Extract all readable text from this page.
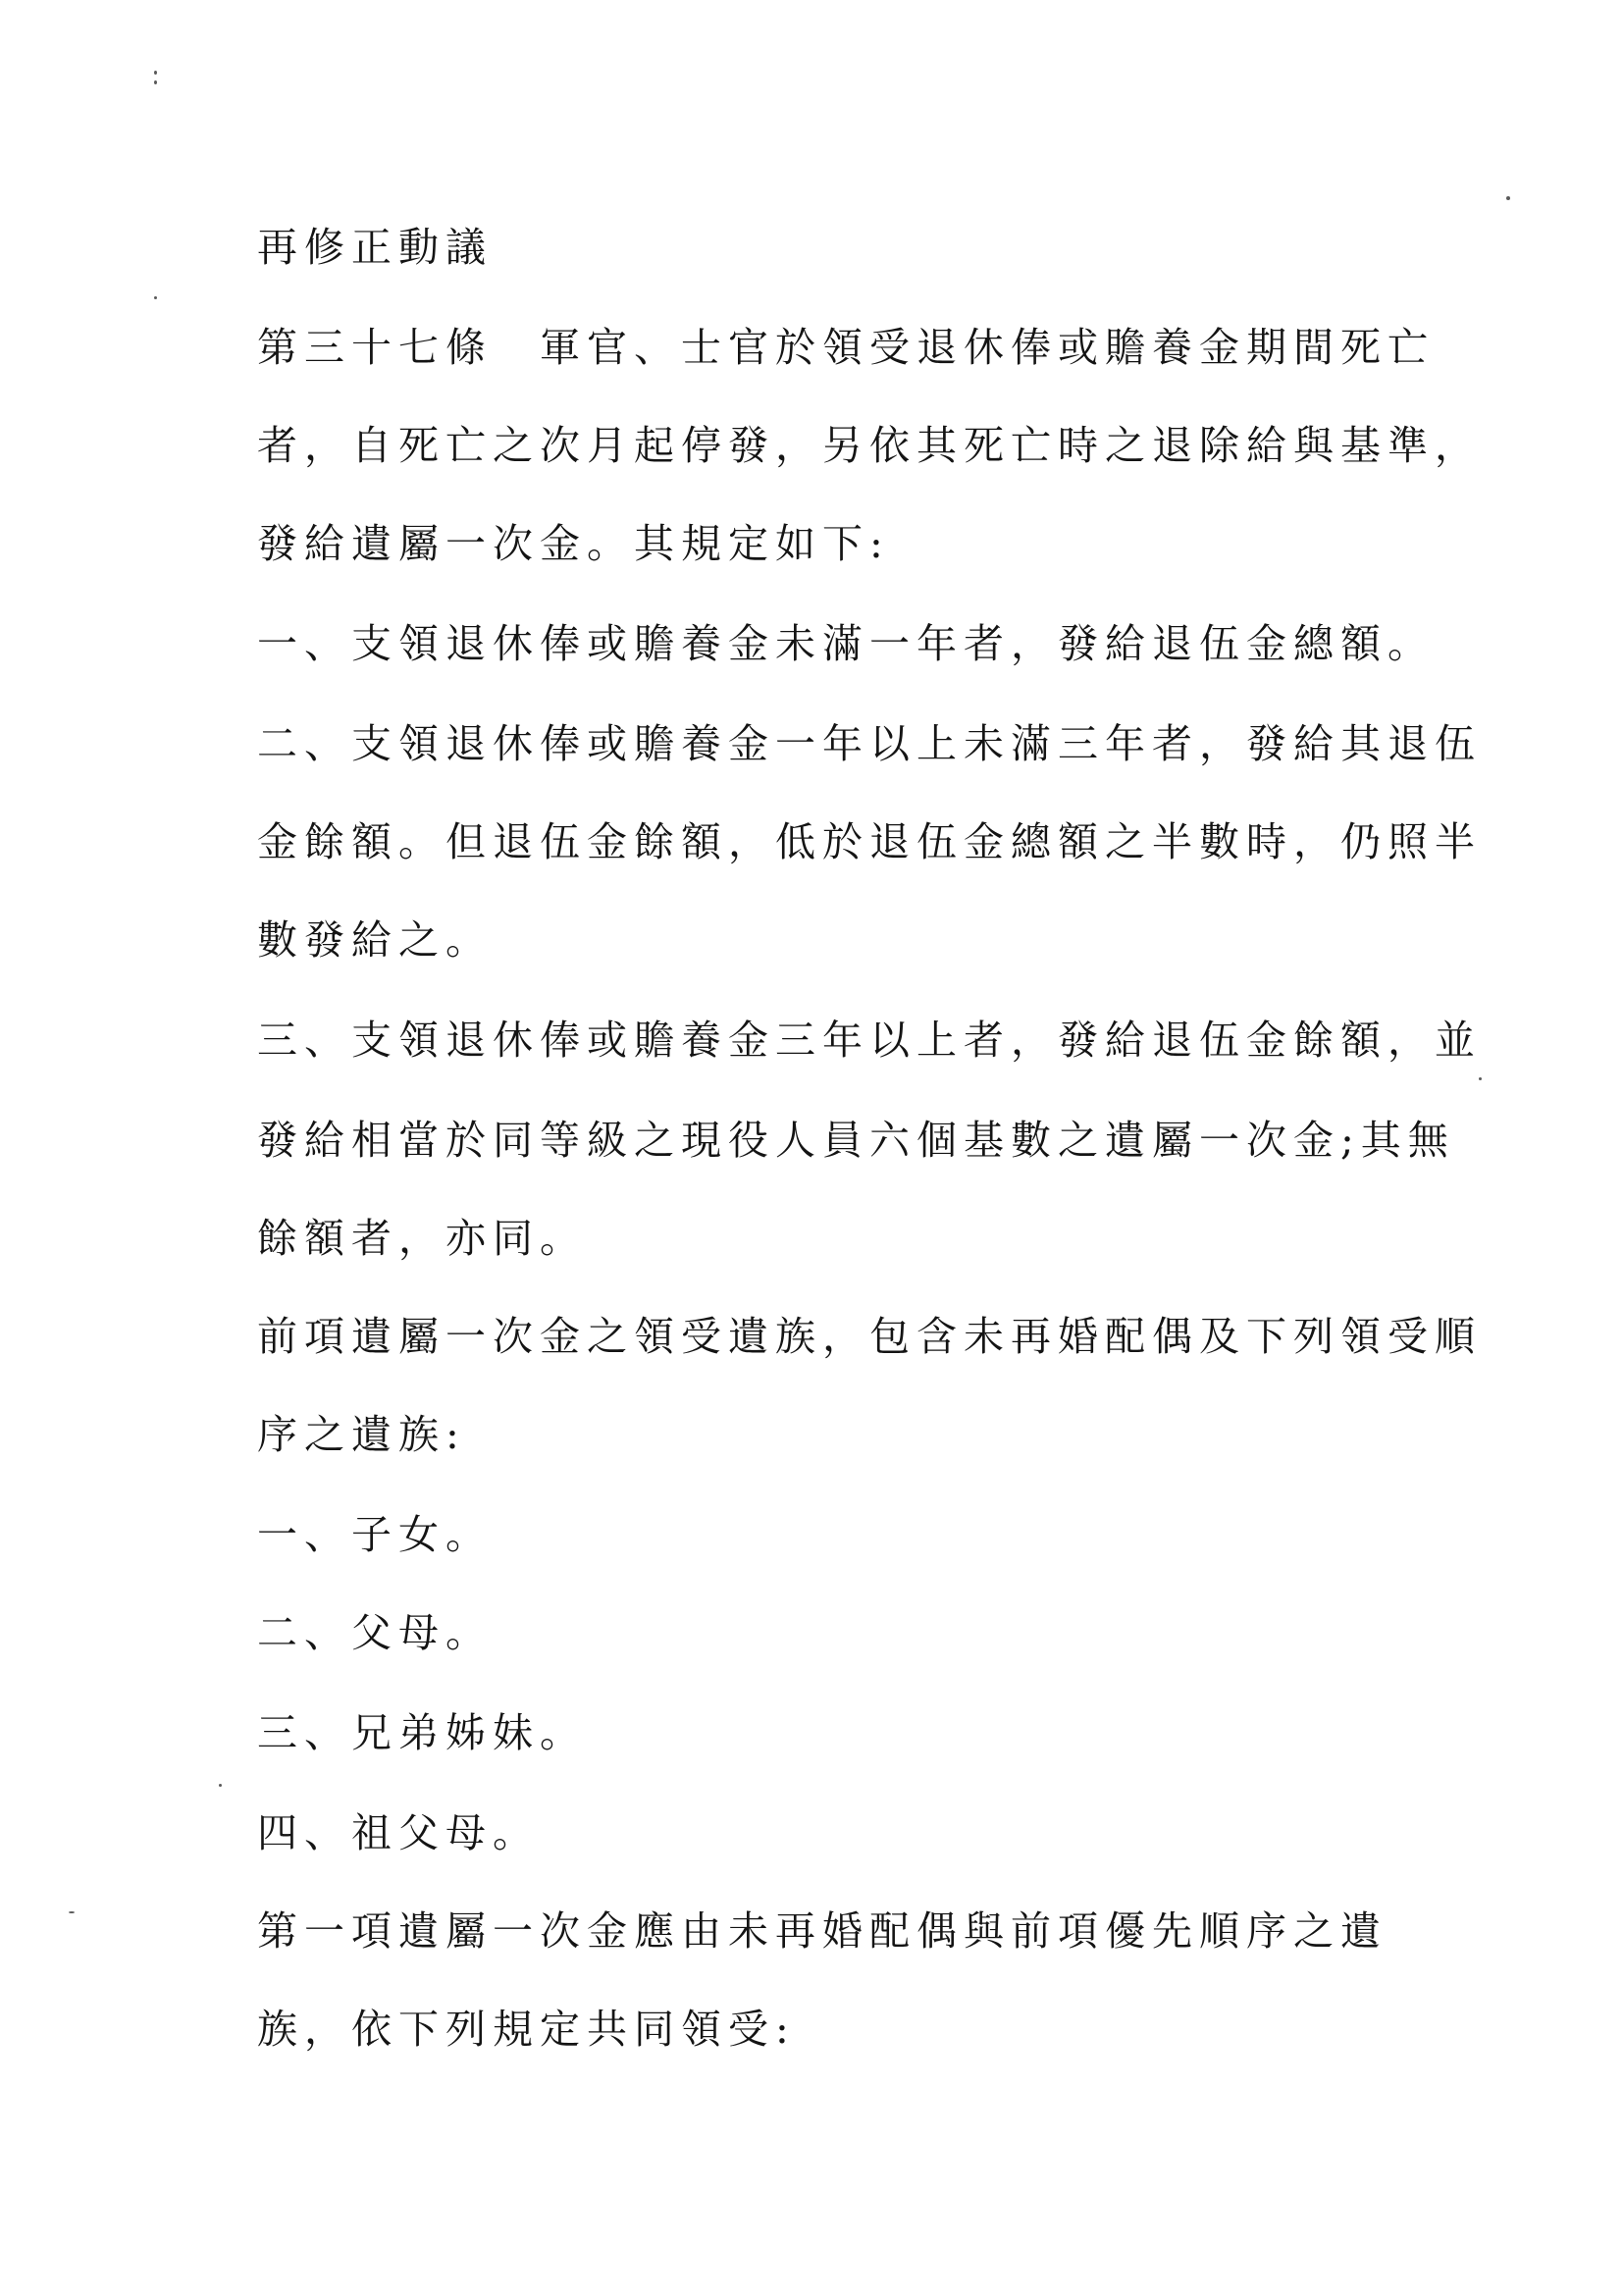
再修正動議
第三十七條　軍官、士官於領受退休俸或贍養金期間死亡
者，自死亡之次月起停發，另依其死亡時之退除給與基準，
發給遺屬一次金。其規定如下:
一、支領退休俸或贍養金未滿一年者，發給退伍金總額。
二、支領退休俸或贍養金一年以上未滿三年者，發給其退伍
金餘額。但退伍金餘額，低於退伍金總額之半數時，仍照半
數發給之。
三、支領退休俸或贍養金三年以上者，發給退伍金餘額，並
發給相當於同等級之現役人員六個基數之遺屬一次金;其無
餘額者，亦同。
前項遺屬一次金之領受遺族，包含未再婚配偶及下列領受順
序之遺族:
一、子女。
二、父母。
三、兄弟姊妹。
四、祖父母。
第一項遺屬一次金應由未再婚配偶與前項優先順序之遺
族，依下列規定共同領受:
